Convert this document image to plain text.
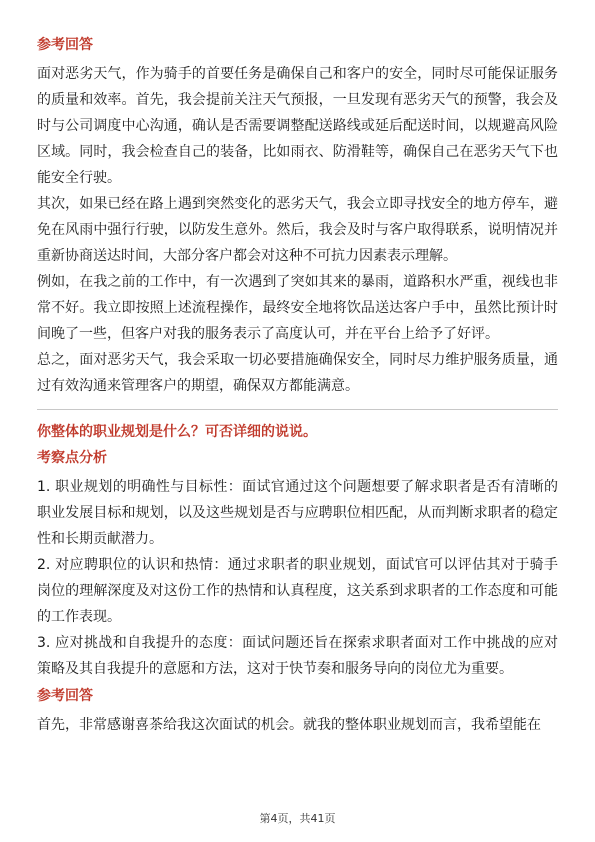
参考回答

面对恶劣天气，作为骑手的首要任务是确保自己和客户的安全，同时尽可能保证服务的质量和效率。首先，我会提前关注天气预报，一旦发现有恶劣天气的预警，我会及时与公司调度中心沟通，确认是否需要调整配送路线或延后配送时间，以规避高风险区域。同时，我会检查自己的装备，比如雨衣、防滑鞋等，确保自己在恶劣天气下也能安全行驶。

其次，如果已经在路上遇到突然变化的恶劣天气，我会立即寻找安全的地方停车，避免在风雨中强行行驶，以防发生意外。然后，我会及时与客户取得联系，说明情况并重新协商送达时间，大部分客户都会对这种不可抗力因素表示理解。

例如，在我之前的工作中，有一次遇到了突如其来的暴雨，道路积水严重，视线也非常不好。我立即按照上述流程操作，最终安全地将饮品送达客户手中，虽然比预计时间晚了一些，但客户对我的服务表示了高度认可，并在平台上给予了好评。

总之，面对恶劣天气，我会采取一切必要措施确保安全，同时尽力维护服务质量，通过有效沟通来管理客户的期望，确保双方都能满意。

你整体的职业规划是什么？可否详细的说说。
考察点分析

1. 职业规划的明确性与目标性：面试官通过这个问题想要了解求职者是否有清晰的职业发展目标和规划，以及这些规划是否与应聘职位相匹配，从而判断求职者的稳定性和长期贡献潜力。

2. 对应聘职位的认识和热情：通过求职者的职业规划，面试官可以评估其对于骑手岗位的理解深度及对这份工作的热情和认真程度，这关系到求职者的工作态度和可能的工作表现。

3. 应对挑战和自我提升的态度：面试问题还旨在探索求职者面对工作中挑战的应对策略及其自我提升的意愿和方法，这对于快节奏和服务导向的岗位尤为重要。

参考回答

首先，非常感谢喜茶给我这次面试的机会。就我的整体职业规划而言，我希望能在

第4页，共41页
